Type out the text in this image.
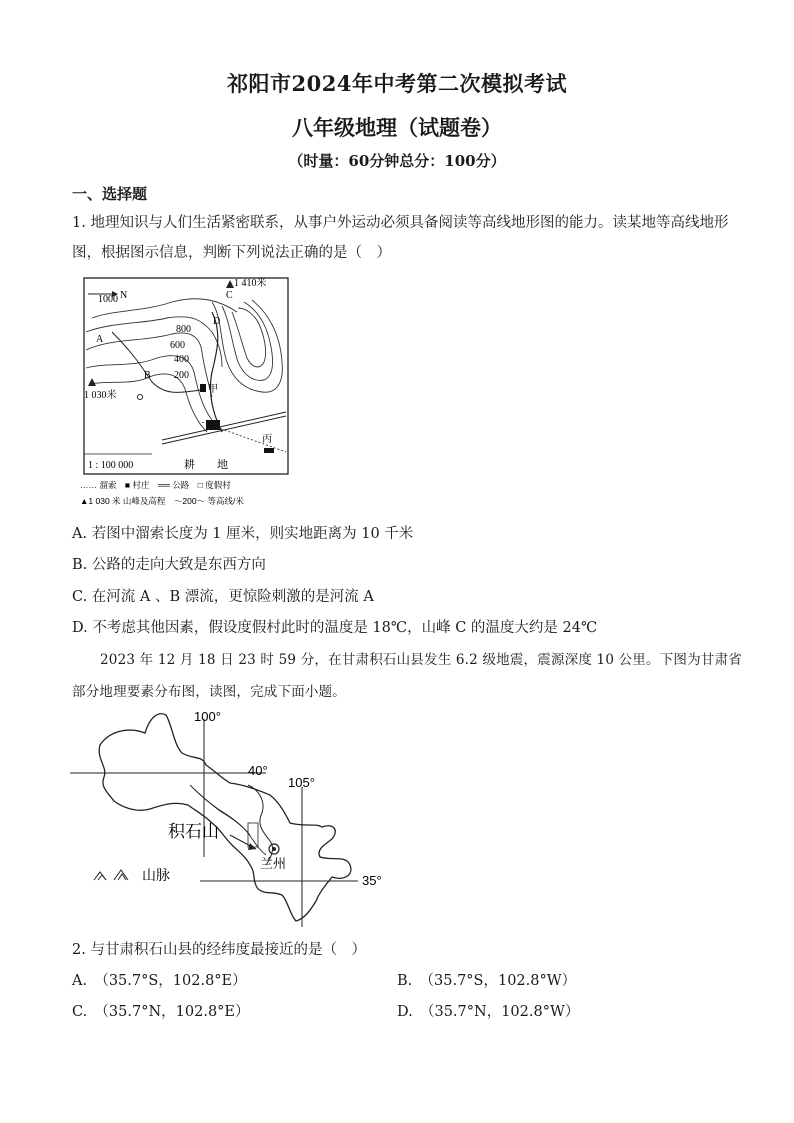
祁阳市2024年中考第二次模拟考试
八年级地理（试题卷）
（时量：60分钟总分：100分）
一、选择题
1. 地理知识与人们生活紧密联系，从事户外运动必须具备阅读等高线地形图的能力。读某地等高线地形
图，根据图示信息，判断下列说法正确的是（　）
N
1000
800
600
400
200
1 410米
C
D
A
B
1 030米
甲
丙
1 : 100 000	耕　　地
…… 溜索　■ 村庄　══ 公路　□ 度假村
▲1 030 米 山峰及高程　～200～ 等高线/米
A. 若图中溜索长度为 1 厘米，则实地距离为 10 千米
B. 公路的走向大致是东西方向
C. 在河流 A 、B 漂流，更惊险刺激的是河流 A
D. 不考虑其他因素，假设度假村此时的温度是 18℃，山峰 C 的温度大约是 24℃
2023 年 12 月 18 日 23 时 59 分，在甘肃积石山县发生 6.2 级地震，震源深度 10 公里。下图为甘肃省
部分地理要素分布图，读图，完成下面小题。
100°
40°
105°
35°
积石山
兰州
山脉
2. 与甘肃积石山县的经纬度最接近的是（　）
A.　（35.7°S，102.8°E）	B.　（35.7°S，102.8°W）
C.　（35.7°N，102.8°E）	D.　（35.7°N，102.8°W）
